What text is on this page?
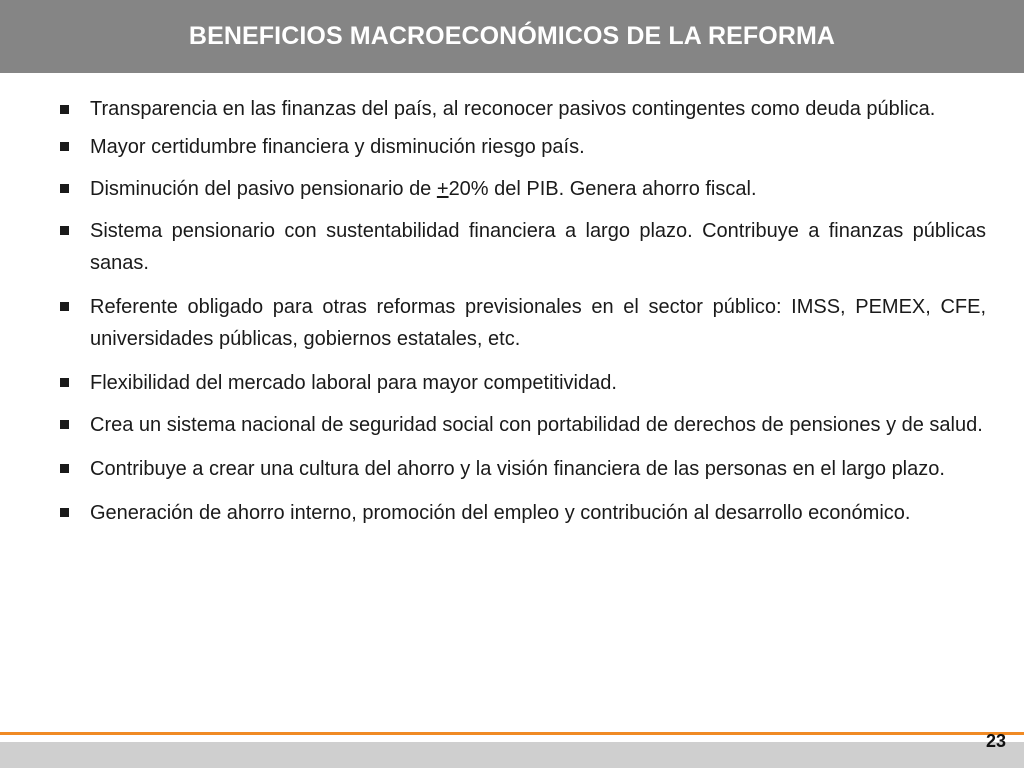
BENEFICIOS MACROECONÓMICOS DE LA REFORMA
Transparencia en las finanzas del país, al reconocer pasivos contingentes como deuda pública.
Mayor certidumbre financiera y disminución riesgo país.
Disminución del pasivo pensionario de +20% del PIB. Genera ahorro fiscal.
Sistema pensionario con sustentabilidad financiera a largo plazo. Contribuye a finanzas públicas sanas.
Referente obligado para otras reformas previsionales en el sector público: IMSS, PEMEX, CFE, universidades públicas, gobiernos estatales, etc.
Flexibilidad del mercado laboral para mayor competitividad.
Crea un sistema nacional de seguridad social con portabilidad de derechos de pensiones y de salud.
Contribuye a crear una cultura del ahorro y la visión financiera de las personas en el largo plazo.
Generación de ahorro interno, promoción del empleo y contribución al desarrollo económico.
23
